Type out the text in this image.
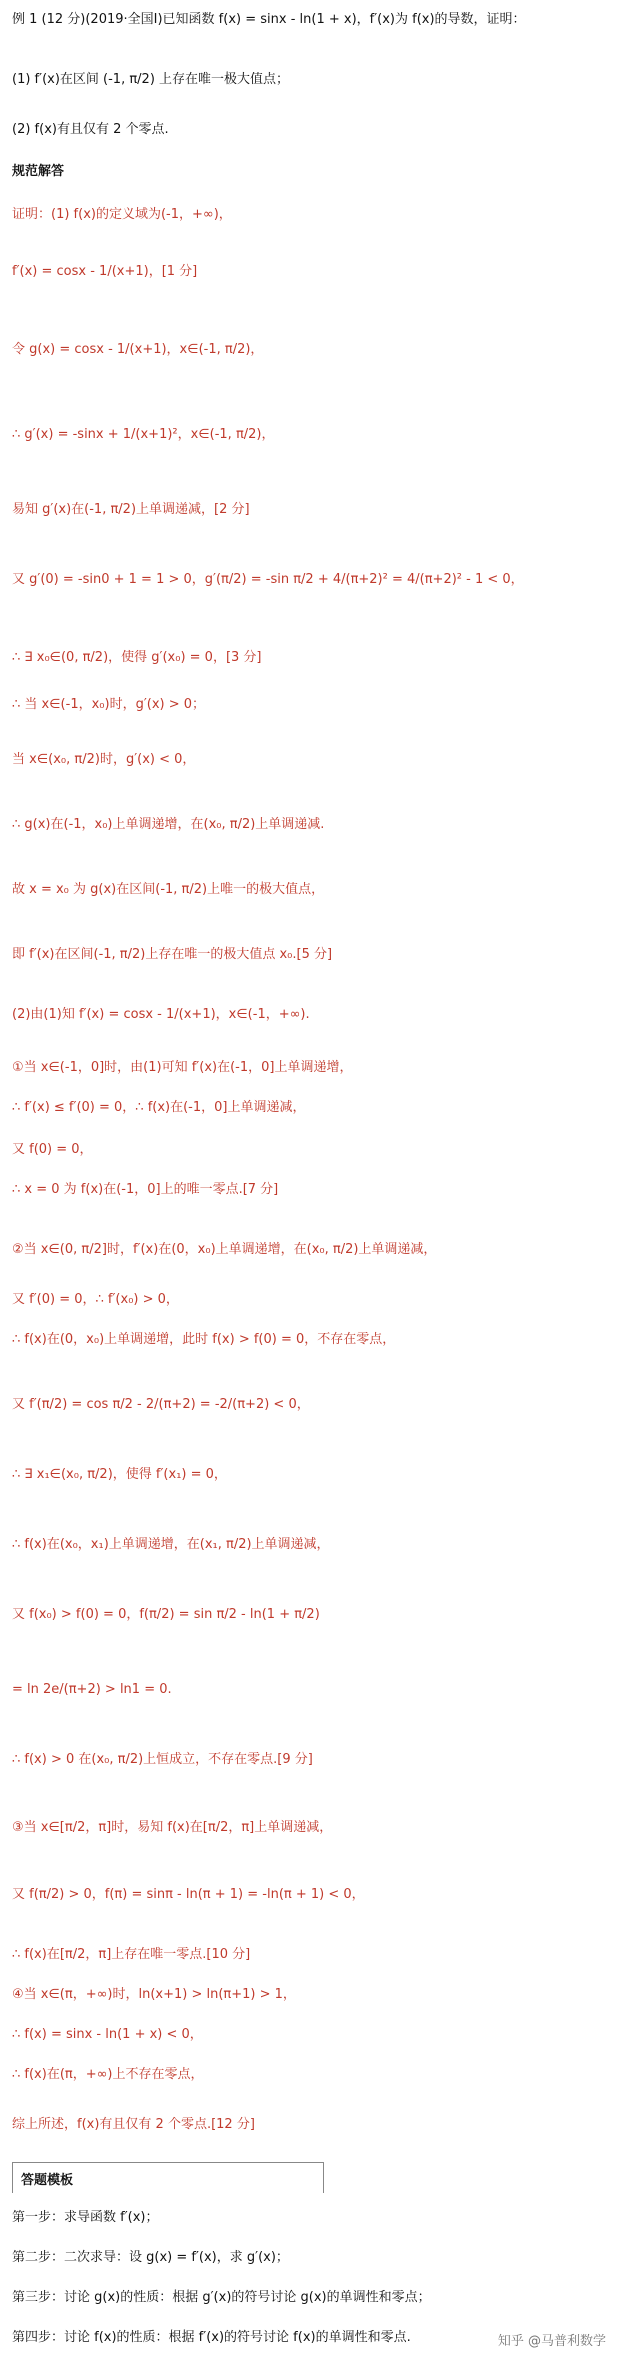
例 1 (12 分)(2019·全国Ⅰ)已知函数 f(x) = sinx - ln(1 + x)，f′(x)为 f(x)的导数，证明：
(1) f′(x)在区间 (-1, π/2) 上存在唯一极大值点；
(2) f(x)有且仅有 2 个零点.
规范解答
证明：(1) f(x)的定义域为(-1，+∞)，
f′(x) = cosx - 1/(x+1)，[1 分]
令 g(x) = cosx - 1/(x+1)，x∈(-1, π/2)，
∴ g′(x) = -sinx + 1/(x+1)²，x∈(-1, π/2)，
易知 g′(x)在(-1, π/2)上单调递减，[2 分]
又 g′(0) = -sin0 + 1 = 1 > 0，g′(π/2) = -sin π/2 + 4/(π+2)² = 4/(π+2)² - 1 < 0，
∴ ∃ x₀∈(0, π/2)，使得 g′(x₀) = 0，[3 分]
∴ 当 x∈(-1，x₀)时，g′(x) > 0；
当 x∈(x₀, π/2)时，g′(x) < 0，
∴ g(x)在(-1，x₀)上单调递增，在(x₀, π/2)上单调递减.
故 x = x₀ 为 g(x)在区间(-1, π/2)上唯一的极大值点，
即 f′(x)在区间(-1, π/2)上存在唯一的极大值点 x₀.[5 分]
(2)由(1)知 f′(x) = cosx - 1/(x+1)，x∈(-1，+∞).
①当 x∈(-1，0]时，由(1)可知 f′(x)在(-1，0]上单调递增，
∴ f′(x) ≤ f′(0) = 0，∴ f(x)在(-1，0]上单调递减，
又 f(0) = 0，
∴ x = 0 为 f(x)在(-1，0]上的唯一零点.[7 分]
②当 x∈(0, π/2]时，f′(x)在(0，x₀)上单调递增，在(x₀, π/2)上单调递减，
又 f′(0) = 0，∴ f′(x₀) > 0，
∴ f(x)在(0，x₀)上单调递增，此时 f(x) > f(0) = 0，不存在零点，
又 f′(π/2) = cos π/2 - 2/(π+2) = -2/(π+2) < 0，
∴ ∃ x₁∈(x₀, π/2)，使得 f′(x₁) = 0，
∴ f(x)在(x₀，x₁)上单调递增，在(x₁, π/2)上单调递减，
又 f(x₀) > f(0) = 0，f(π/2) = sin π/2 - ln(1 + π/2)
= ln 2e/(π+2) > ln1 = 0.
∴ f(x) > 0 在(x₀, π/2)上恒成立，不存在零点.[9 分]
③当 x∈[π/2，π]时，易知 f(x)在[π/2，π]上单调递减，
又 f(π/2) > 0，f(π) = sinπ - ln(π + 1) = -ln(π + 1) < 0，
∴ f(x)在[π/2，π]上存在唯一零点.[10 分]
④当 x∈(π，+∞)时，ln(x+1) > ln(π+1) > 1，
∴ f(x) = sinx - ln(1 + x) < 0，
∴ f(x)在(π，+∞)上不存在零点，
综上所述，f(x)有且仅有 2 个零点.[12 分]
答题模板
第一步：求导函数 f′(x)；
第二步：二次求导：设 g(x) = f′(x)，求 g′(x)；
第三步：讨论 g(x)的性质：根据 g′(x)的符号讨论 g(x)的单调性和零点；
第四步：讨论 f(x)的性质：根据 f′(x)的符号讨论 f(x)的单调性和零点.	知乎 @马普利数学
